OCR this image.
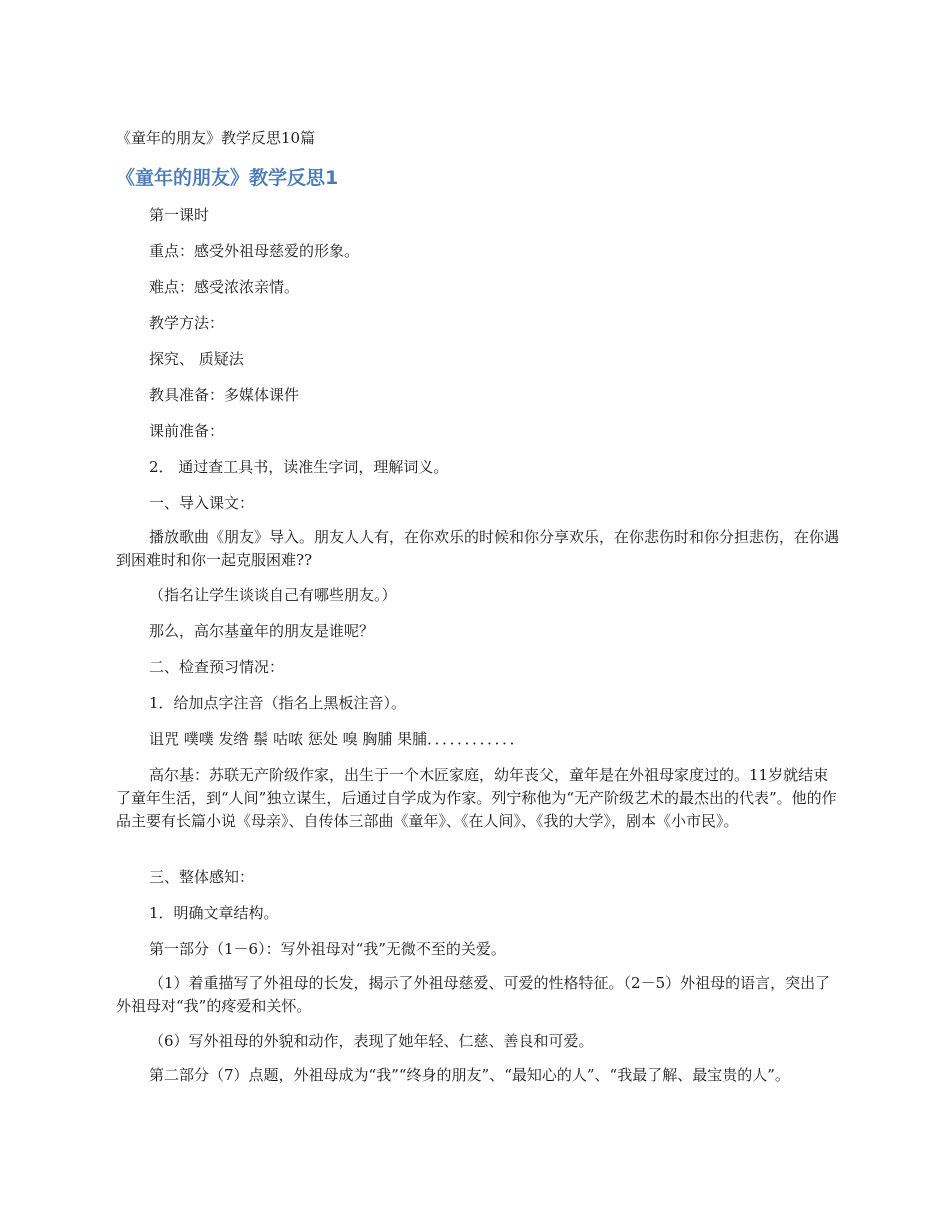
《童年的朋友》教学反思10篇
《童年的朋友》教学反思1

第一课时

重点：感受外祖母慈爱的形象。

难点：感受浓浓亲情。

教学方法：

探究、 质疑法

教具准备：多媒体课件

课前准备：

2． 通过查工具书，读准生字词，理解词义。

一、导入课文：

播放歌曲《朋友》导入。朋友人人有，在你欢乐的时候和你分享欢乐，在你悲伤时和你分担悲伤，在你遇到困难时和你一起克服困难??

（指名让学生谈谈自己有哪些朋友。）

那么，高尔基童年的朋友是谁呢？

二、检查预习情况：

1．给加点字注音（指名上黑板注音）。

诅咒 噗噗 发绺 鬃 咕哝 惩处 嗅 胸脯 果脯．．．．．．．．．．．．

高尔基：苏联无产阶级作家，出生于一个木匠家庭，幼年丧父，童年是在外祖母家度过的。11岁就结束了童年生活，到“人间”独立谋生，后通过自学成为作家。列宁称他为“无产阶级艺术的最杰出的代表”。他的作品主要有长篇小说《母亲》、自传体三部曲《童年》、《在人间》、《我的大学》，剧本《小市民》。

三、整体感知：

1．明确文章结构。

第一部分（1－6）：写外祖母对“我”无微不至的关爱。

（1）着重描写了外祖母的长发，揭示了外祖母慈爱、可爱的性格特征。（2－5）外祖母的语言，突出了外祖母对“我”的疼爱和关怀。

（6）写外祖母的外貌和动作，表现了她年轻、仁慈、善良和可爱。

第二部分（7）点题，外祖母成为“我”“终身的朋友”、“最知心的人”、“我最了解、最宝贵的人”。
